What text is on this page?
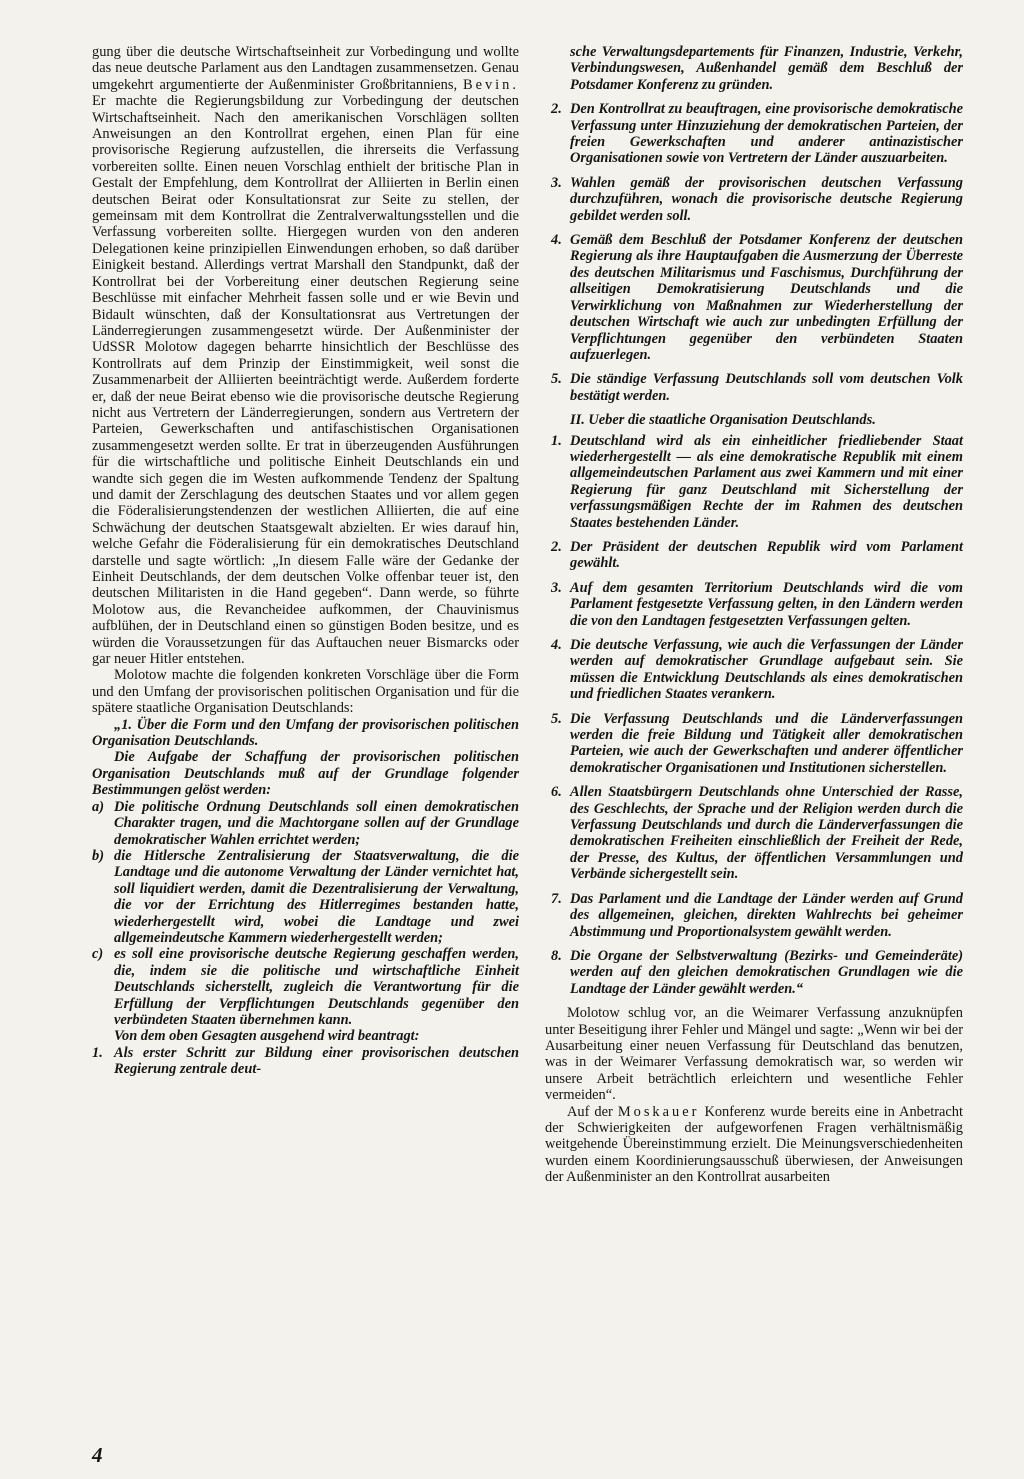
gung über die deutsche Wirtschaftseinheit zur Vorbedingung und wollte das neue deutsche Parlament aus den Landtagen zusammensetzen. Genau umgekehrt argumentierte der Außenminister Großbritanniens, Bevin. Er machte die Regierungsbildung zur Vorbedingung der deutschen Wirtschaftseinheit. Nach den amerikanischen Vorschlägen sollten Anweisungen an den Kontrollrat ergehen, einen Plan für eine provisorische Regierung aufzustellen, die ihrerseits die Verfassung vorbereiten sollte. Einen neuen Vorschlag enthielt der britische Plan in Gestalt der Empfehlung, dem Kontrollrat der Alliierten in Berlin einen deutschen Beirat oder Konsultationsrat zur Seite zu stellen, der gemeinsam mit dem Kontrollrat die Zentralverwaltungsstellen und die Verfassung vorbereiten sollte. Hiergegen wurden von den anderen Delegationen keine prinzipiellen Einwendungen erhoben, so daß darüber Einigkeit bestand. Allerdings vertrat Marshall den Standpunkt, daß der Kontrollrat bei der Vorbereitung einer deutschen Regierung seine Beschlüsse mit einfacher Mehrheit fassen solle und er wie Bevin und Bidault wünschten, daß der Konsultationsrat aus Vertretungen der Länderregierungen zusammengesetzt würde. Der Außenminister der UdSSR Molotow dagegen beharrte hinsichtlich der Beschlüsse des Kontrollrats auf dem Prinzip der Einstimmigkeit, weil sonst die Zusammenarbeit der Alliierten beeinträchtigt werde. Außerdem forderte er, daß der neue Beirat ebenso wie die provisorische deutsche Regierung nicht aus Vertretern der Länderregierungen, sondern aus Vertretern der Parteien, Gewerkschaften und antifaschistischen Organisationen zusammengesetzt werden sollte. Er trat in überzeugenden Ausführungen für die wirtschaftliche und politische Einheit Deutschlands ein und wandte sich gegen die im Westen aufkommende Tendenz der Spaltung und damit der Zerschlagung des deutschen Staates und vor allem gegen die Föderalisierungstendenzen der westlichen Alliierten, die auf eine Schwächung der deutschen Staatsgewalt abzielten. Er wies darauf hin, welche Gefahr die Föderalisierung für ein demokratisches Deutschland darstelle und sagte wörtlich: „In diesem Falle wäre der Gedanke der Einheit Deutschlands, der dem deutschen Volke offenbar teuer ist, den deutschen Militaristen in die Hand gegeben“. Dann werde, so führte Molotow aus, die Revancheidee aufkommen, der Chauvinismus aufblühen, der in Deutschland einen so günstigen Boden besitze, und es würden die Voraussetzungen für das Auftauchen neuer Bismarcks oder gar neuer Hitler entstehen.

Molotow machte die folgenden konkreten Vorschläge über die Form und den Umfang der provisorischen politischen Organisation und für die spätere staatliche Organisation Deutschlands:

„1. Über die Form und den Umfang der provisorischen politischen Organisation Deutschlands.

Die Aufgabe der Schaffung der provisorischen politischen Organisation Deutschlands muß auf der Grundlage folgender Bestimmungen gelöst werden:

a) Die politische Ordnung Deutschlands soll einen demokratischen Charakter tragen, und die Machtorgane sollen auf der Grundlage demokratischer Wahlen errichtet werden;
b) die Hitlersche Zentralisierung der Staatsverwaltung, die die Landtage und die autonome Verwaltung der Länder vernichtet hat, soll liquidiert werden, damit die Dezentralisierung der Verwaltung, die vor der Errichtung des Hitlerregimes bestanden hatte, wiederhergestellt wird, wobei die Landtage und zwei allgemeindeutsche Kammern wiederhergestellt werden;
c) es soll eine provisorische deutsche Regierung geschaffen werden, die, indem sie die politische und wirtschaftliche Einheit Deutschlands sicherstellt, zugleich die Verantwortung für die Erfüllung der Verpflichtungen Deutschlands gegenüber den verbündeten Staaten übernehmen kann.

Von dem oben Gesagten ausgehend wird beantragt:

1. Als erster Schritt zur Bildung einer provisorischen deutschen Regierung zentrale deut-

sche Verwaltungsdepartements für Finanzen, Industrie, Verkehr, Verbindungswesen, Außenhandel gemäß dem Beschluß der Potsdamer Konferenz zu gründen.

2. Den Kontrollrat zu beauftragen, eine provisorische demokratische Verfassung unter Hinzuziehung der demokratischen Parteien, der freien Gewerkschaften und anderer antinazistischer Organisationen sowie von Vertretern der Länder auszuarbeiten.
3. Wahlen gemäß der provisorischen deutschen Verfassung durchzuführen, wonach die provisorische deutsche Regierung gebildet werden soll.
4. Gemäß dem Beschluß der Potsdamer Konferenz der deutschen Regierung als ihre Hauptaufgaben die Ausmerzung der Überreste des deutschen Militarismus und Faschismus, Durchführung der allseitigen Demokratisierung Deutschlands und die Verwirklichung von Maßnahmen zur Wiederherstellung der deutschen Wirtschaft wie auch zur unbedingten Erfüllung der Verpflichtungen gegenüber den verbündeten Staaten aufzuerlegen.
5. Die ständige Verfassung Deutschlands soll vom deutschen Volk bestätigt werden.

II. Ueber die staatliche Organisation Deutschlands.

1. Deutschland wird als ein einheitlicher friedliebender Staat wiederhergestellt — als eine demokratische Republik mit einem allgemeindeutschen Parlament aus zwei Kammern und mit einer Regierung für ganz Deutschland mit Sicherstellung der verfassungsmäßigen Rechte der im Rahmen des deutschen Staates bestehenden Länder.
2. Der Präsident der deutschen Republik wird vom Parlament gewählt.
3. Auf dem gesamten Territorium Deutschlands wird die vom Parlament festgesetzte Verfassung gelten, in den Ländern werden die von den Landtagen festgesetzten Verfassungen gelten.
4. Die deutsche Verfassung, wie auch die Verfassungen der Länder werden auf demokratischer Grundlage aufgebaut sein. Sie müssen die Entwicklung Deutschlands als eines demokratischen und friedlichen Staates verankern.
5. Die Verfassung Deutschlands und die Länderverfassungen werden die freie Bildung und Tätigkeit aller demokratischen Parteien, wie auch der Gewerkschaften und anderer öffentlicher demokratischer Organisationen und Institutionen sicherstellen.
6. Allen Staatsbürgern Deutschlands ohne Unterschied der Rasse, des Geschlechts, der Sprache und der Religion werden durch die Verfassung Deutschlands und durch die Länderverfassungen die demokratischen Freiheiten einschließlich der Freiheit der Rede, der Presse, des Kultus, der öffentlichen Versammlungen und Verbände sichergestellt sein.
7. Das Parlament und die Landtage der Länder werden auf Grund des allgemeinen, gleichen, direkten Wahlrechts bei geheimer Abstimmung und Proportionalsystem gewählt werden.
8. Die Organe der Selbstverwaltung (Bezirks- und Gemeinderäte) werden auf den gleichen demokratischen Grundlagen wie die Landtage der Länder gewählt werden.“

Molotow schlug vor, an die Weimarer Verfassung anzuknüpfen unter Beseitigung ihrer Fehler und Mängel und sagte: „Wenn wir bei der Ausarbeitung einer neuen Verfassung für Deutschland das benutzen, was in der Weimarer Verfassung demokratisch war, so werden wir unsere Arbeit beträchtlich erleichtern und wesentliche Fehler vermeiden“.

Auf der Moskauer Konferenz wurde bereits eine in Anbetracht der Schwierigkeiten der aufgeworfenen Fragen verhältnismäßig weitgehende Übereinstimmung erzielt. Die Meinungsverschiedenheiten wurden einem Koordinierungsausschuß überwiesen, der Anweisungen der Außenminister an den Kontrollrat ausarbeiten

4
